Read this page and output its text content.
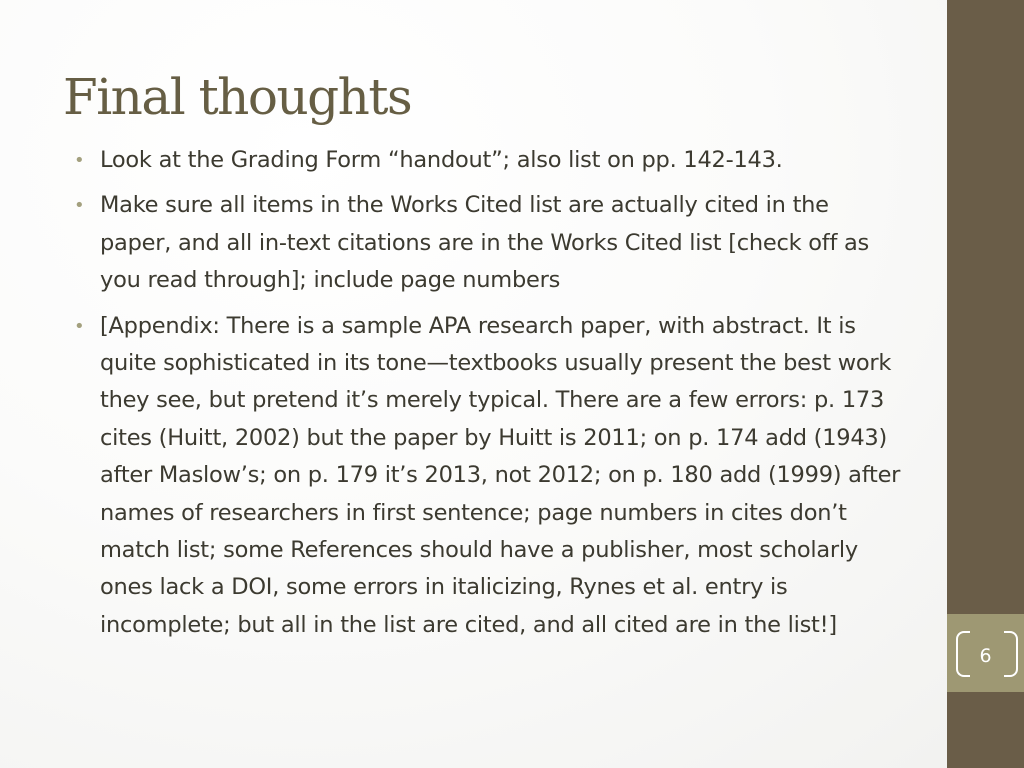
6
Final thoughts
• Look at the Grading Form “handout”; also list on pp. 142-143.
• Make sure all items in the Works Cited list are actually cited in the paper, and all in-text citations are in the Works Cited list [check off as you read through]; include page numbers
• [Appendix: There is a sample APA research paper, with abstract. It is quite sophisticated in its tone—textbooks usually present the best work they see, but pretend it’s merely typical. There are a few errors: p. 173 cites (Huitt, 2002) but the paper by Huitt is 2011; on p. 174 add (1943) after Maslow’s; on p. 179 it’s 2013, not 2012; on p. 180 add (1999) after names of researchers in first sentence; page numbers in cites don’t match list; some References should have a publisher, most scholarly ones lack a DOI, some errors in italicizing, Rynes et al. entry is incomplete; but all in the list are cited, and all cited are in the list!]
